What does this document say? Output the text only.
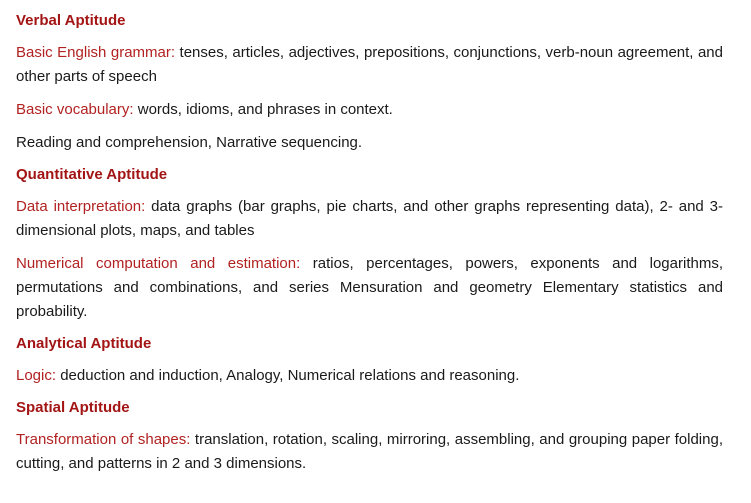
Verbal Aptitude

Basic English grammar: tenses, articles, adjectives, prepositions, conjunctions, verb-noun agreement, and other parts of speech

Basic vocabulary: words, idioms, and phrases in context.

Reading and comprehension, Narrative sequencing.

Quantitative Aptitude

Data interpretation: data graphs (bar graphs, pie charts, and other graphs representing data), 2- and 3-dimensional plots, maps, and tables

Numerical computation and estimation: ratios, percentages, powers, exponents and logarithms, permutations and combinations, and series Mensuration and geometry Elementary statistics and probability.

Analytical Aptitude

Logic: deduction and induction, Analogy, Numerical relations and reasoning.

Spatial Aptitude

Transformation of shapes: translation, rotation, scaling, mirroring, assembling, and grouping paper folding, cutting, and patterns in 2 and 3 dimensions.
